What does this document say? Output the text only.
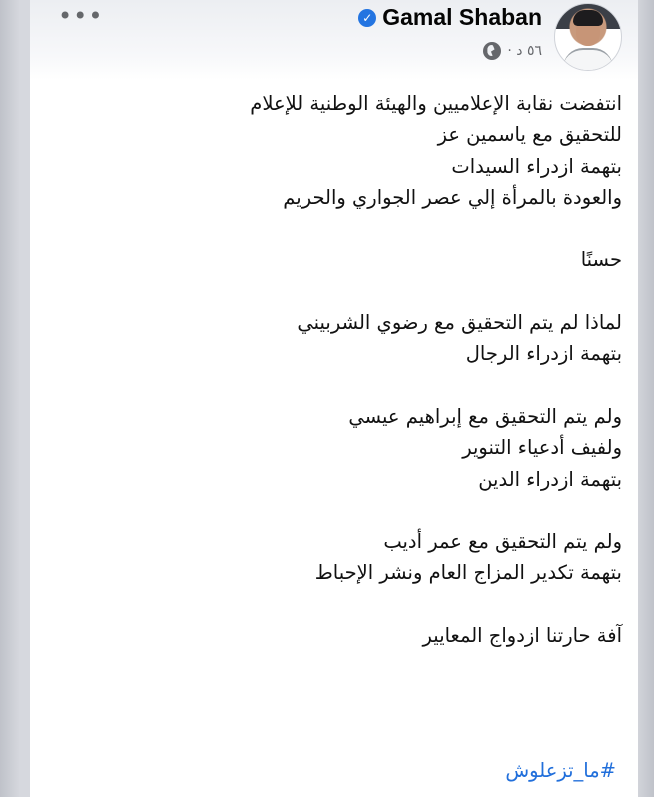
•••	✓ Gamal Shaban
٥٦ د ·
انتفضت نقابة الإعلاميين والهيئة الوطنية للإعلام
للتحقيق مع ياسمين عز
بتهمة ازدراء السيدات
والعودة بالمرأة إلي عصر الجواري والحريم
حسنًا
لماذا لم يتم التحقيق مع رضوي الشربيني
بتهمة ازدراء الرجال
ولم يتم التحقيق مع إبراهيم عيسي
ولفيف أدعياء التنوير
بتهمة ازدراء الدين
ولم يتم التحقيق مع عمر أديب
بتهمة تكدير المزاج العام ونشر الإحباط
آفة حارتنا ازدواج المعايير
#ما_تزعلوش
